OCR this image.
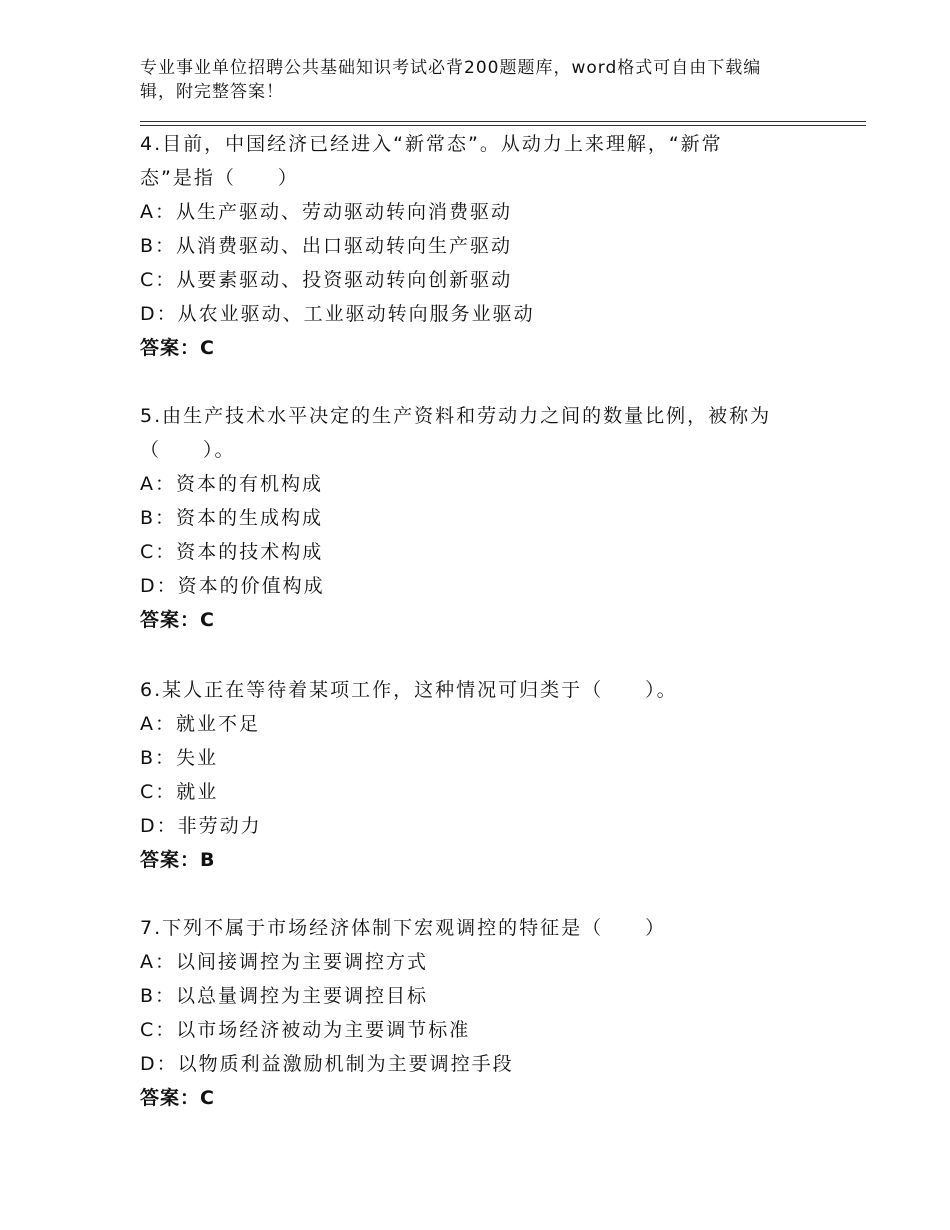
专业事业单位招聘公共基础知识考试必背200题题库，word格式可自由下载编
辑，附完整答案！
4.目前，中国经济已经进入“新常态”。从动力上来理解，“新常
态”是指（　　）
A：从生产驱动、劳动驱动转向消费驱动
B：从消费驱动、出口驱动转向生产驱动
C：从要素驱动、投资驱动转向创新驱动
D：从农业驱动、工业驱动转向服务业驱动
答案：C
5.由生产技术水平决定的生产资料和劳动力之间的数量比例，被称为
（　　）。
A：资本的有机构成
B：资本的生成构成
C：资本的技术构成
D：资本的价值构成
答案：C
6.某人正在等待着某项工作，这种情况可归类于（　　）。
A：就业不足
B：失业
C：就业
D：非劳动力
答案：B
7.下列不属于市场经济体制下宏观调控的特征是（　　）
A：以间接调控为主要调控方式
B：以总量调控为主要调控目标
C：以市场经济被动为主要调节标准
D：以物质利益激励机制为主要调控手段
答案：C
